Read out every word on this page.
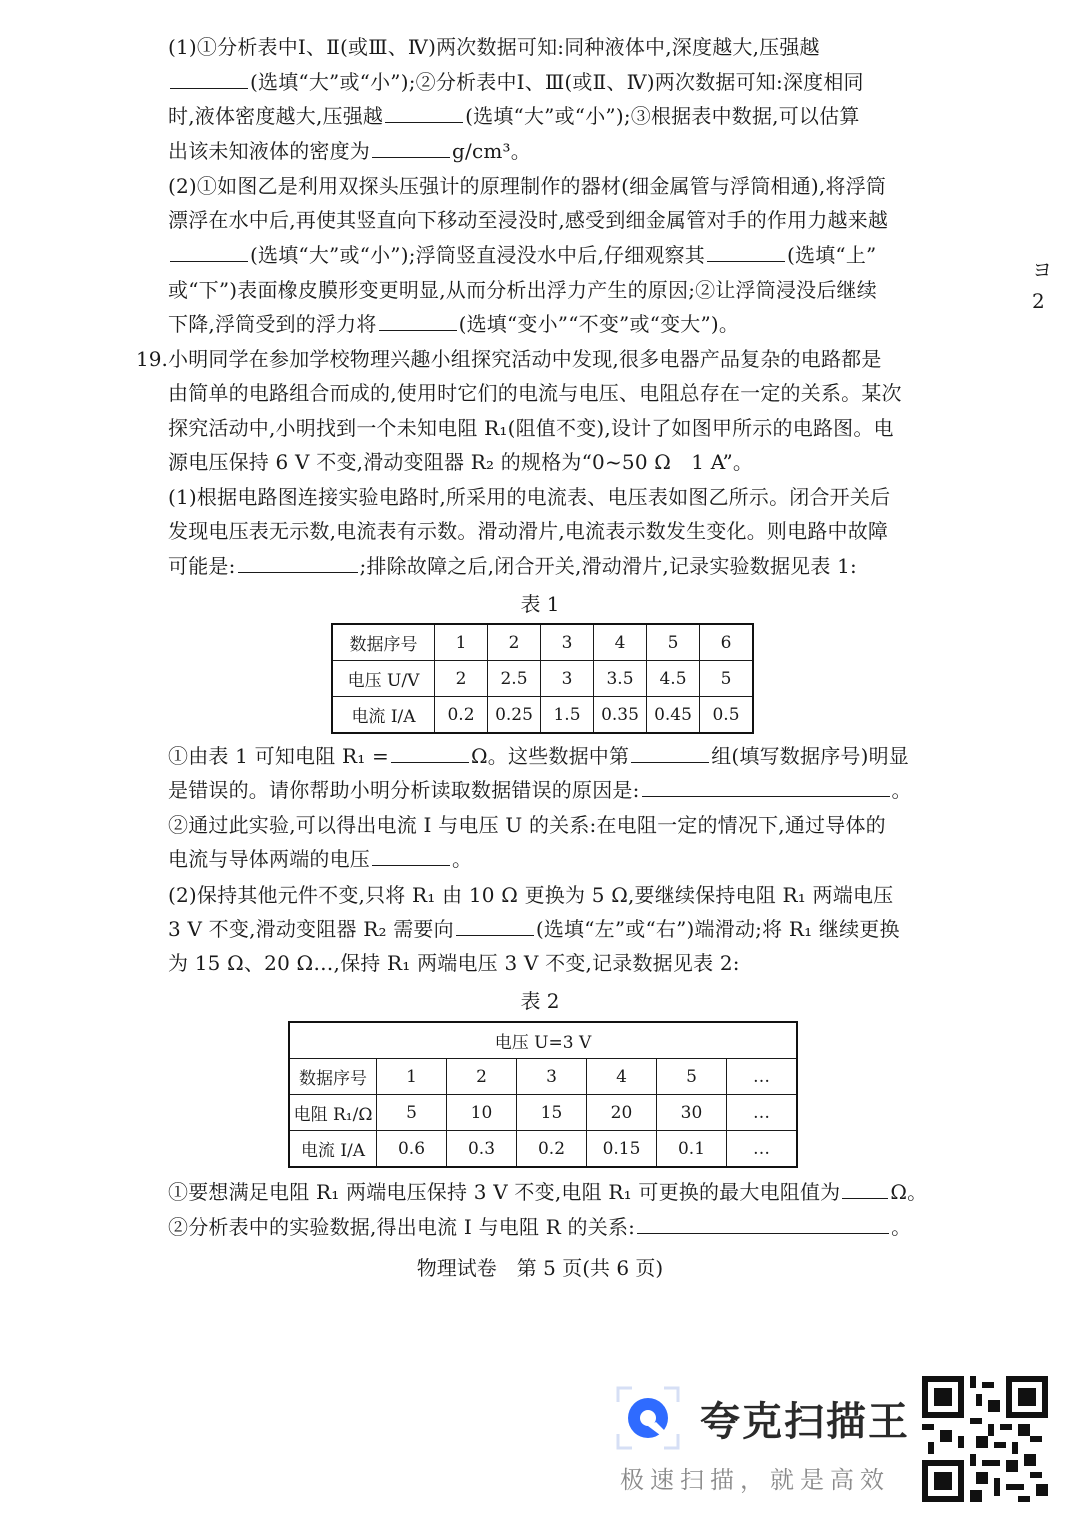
(1)①分析表中Ⅰ、Ⅱ(或Ⅲ、Ⅳ)两次数据可知:同种液体中,深度越大,压强越
(选填“大”或“小”);②分析表中Ⅰ、Ⅲ(或Ⅱ、Ⅳ)两次数据可知:深度相同
时,液体密度越大,压强越	(选填“大”或“小”);③根据表中数据,可以估算
出该未知液体的密度为	g/cm³。
(2)①如图乙是利用双探头压强计的原理制作的器材(细金属管与浮筒相通),将浮筒
漂浮在水中后,再使其竖直向下移动至浸没时,感受到细金属管对手的作用力越来越
(选填“大”或“小”);浮筒竖直浸没水中后,仔细观察其	(选填“上”
或“下”)表面橡皮膜形变更明显,从而分析出浮力产生的原因;②让浮筒浸没后继续
下降,浮筒受到的浮力将	(选填“变小”“不变”或“变大”)。
ヨ
2
19. 小明同学在参加学校物理兴趣小组探究活动中发现,很多电器产品复杂的电路都是
由简单的电路组合而成的,使用时它们的电流与电压、电阻总存在一定的关系。某次
探究活动中,小明找到一个未知电阻 R₁(阻值不变),设计了如图甲所示的电路图。电
源电压保持 6 V 不变,滑动变阻器 R₂ 的规格为“0~50 Ω　1 A”。
(1)根据电路图连接实验电路时,所采用的电流表、电压表如图乙所示。闭合开关后
发现电压表无示数,电流表有示数。滑动滑片,电流表示数发生变化。则电路中故障
可能是:	;排除故障之后,闭合开关,滑动滑片,记录实验数据见表 1:
表 1
数据序号	1	2	3	4	5	6
电压 U/V	2	2.5	3	3.5	4.5	5
电流 I/A	0.2	0.25	1.5	0.35	0.45	0.5
①由表 1 可知电阻 R₁ =	Ω。这些数据中第	组(填写数据序号)明显
是错误的。请你帮助小明分析读取数据错误的原因是:	。
②通过此实验,可以得出电流 I 与电压 U 的关系:在电阻一定的情况下,通过导体的
电流与导体两端的电压	。
(2)保持其他元件不变,只将 R₁ 由 10 Ω 更换为 5 Ω,要继续保持电阻 R₁ 两端电压
3 V 不变,滑动变阻器 R₂ 需要向	(选填“左”或“右”)端滑动;将 R₁ 继续更换
为 15 Ω、20 Ω…,保持 R₁ 两端电压 3 V 不变,记录数据见表 2:
表 2
电压 U=3 V						
数据序号	1	2	3	4	5	…
电阻 R₁/Ω	5	10	15	20	30	…
电流 I/A	0.6	0.3	0.2	0.15	0.1	…
①要想满足电阻 R₁ 两端电压保持 3 V 不变,电阻 R₁ 可更换的最大电阻值为	Ω。
②分析表中的实验数据,得出电流 I 与电阻 R 的关系:	。
物理试卷　第 5 页(共 6 页)
夸克扫描王
极速扫描，就是高效
